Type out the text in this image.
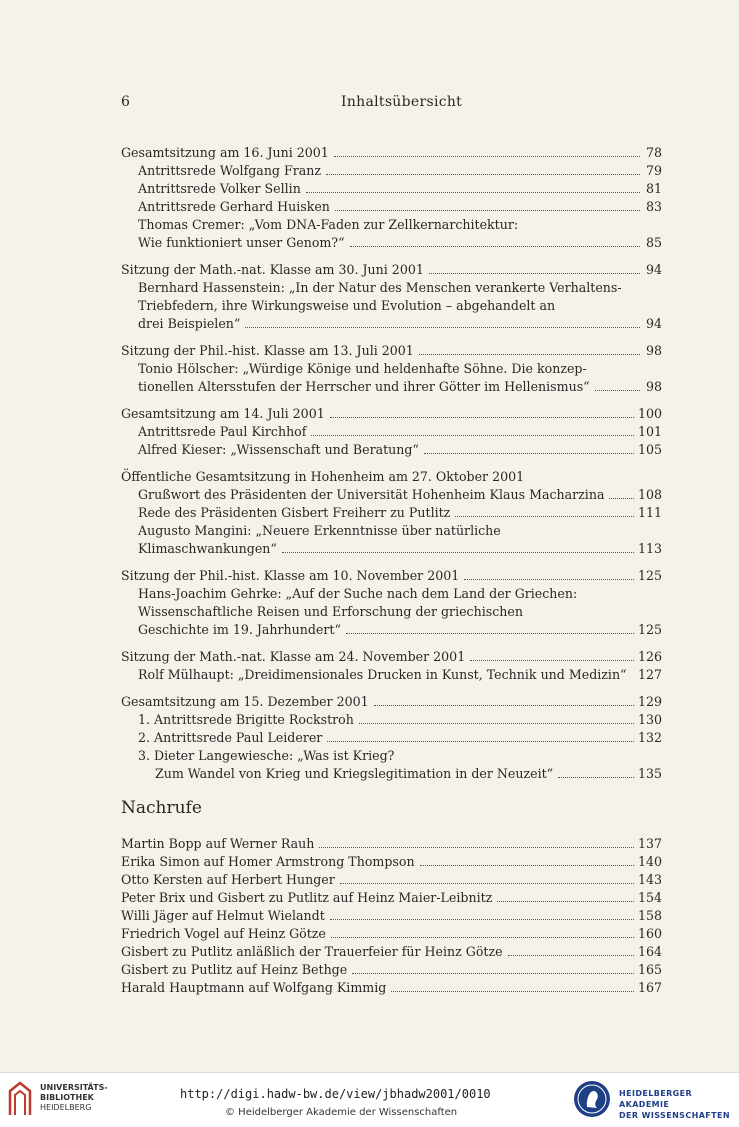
6	Inhaltsübersicht
Gesamtsitzung am 16. Juni 2001	78
Antrittsrede Wolfgang Franz	79
Antrittsrede Volker Sellin	81
Antrittsrede Gerhard Huisken	83
Thomas Cremer: „Vom DNA-Faden zur Zellkernarchitektur:
Wie funktioniert unser Genom?“	85
Sitzung der Math.-nat. Klasse am 30. Juni 2001	94
Bernhard Hassenstein: „In der Natur des Menschen verankerte Verhaltens-
Triebfedern, ihre Wirkungsweise und Evolution – abgehandelt an
drei Beispielen“	94
Sitzung der Phil.-hist. Klasse am 13. Juli 2001	98
Tonio Hölscher: „Würdige Könige und heldenhafte Söhne. Die konzep-
tionellen Altersstufen der Herrscher und ihrer Götter im Hellenismus“	98
Gesamtsitzung am 14. Juli 2001	100
Antrittsrede Paul Kirchhof	101
Alfred Kieser: „Wissenschaft und Beratung“	105
Öffentliche Gesamtsitzung in Hohenheim am 27. Oktober 2001
Grußwort des Präsidenten der Universität Hohenheim Klaus Macharzina	108
Rede des Präsidenten Gisbert Freiherr zu Putlitz	111
Augusto Mangini: „Neuere Erkenntnisse über natürliche
Klimaschwankungen“	113
Sitzung der Phil.-hist. Klasse am 10. November 2001	125
Hans-Joachim Gehrke: „Auf der Suche nach dem Land der Griechen:
Wissenschaftliche Reisen und Erforschung der griechischen
Geschichte im 19. Jahrhundert“	125
Sitzung der Math.-nat. Klasse am 24. November 2001	126
Rolf Mülhaupt: „Dreidimensionales Drucken in Kunst, Technik und Medizin“ 127
Gesamtsitzung am 15. Dezember 2001	129
1. Antrittsrede Brigitte Rockstroh	130
2. Antrittsrede Paul Leiderer	132
3. Dieter Langewiesche: „Was ist Krieg?
Zum Wandel von Krieg und Kriegslegitimation in der Neuzeit“	135
Nachrufe
Martin Bopp auf Werner Rauh	137
Erika Simon auf Homer Armstrong Thompson	140
Otto Kersten auf Herbert Hunger	143
Peter Brix und Gisbert zu Putlitz auf Heinz Maier-Leibnitz	154
Willi Jäger auf Helmut Wielandt	158
Friedrich Vogel auf Heinz Götze	160
Gisbert zu Putlitz anläßlich der Trauerfeier für Heinz Götze	164
Gisbert zu Putlitz auf Heinz Bethge	165
Harald Hauptmann auf Wolfgang Kimmig	167
UNIVERSITÄTS-
BIBLIOTHEK
HEIDELBERG
http://digi.hadw-bw.de/view/jbhadw2001/0010
© Heidelberger Akademie der Wissenschaften
HEIDELBERGER AKADEMIE
DER WISSENSCHAFTEN
